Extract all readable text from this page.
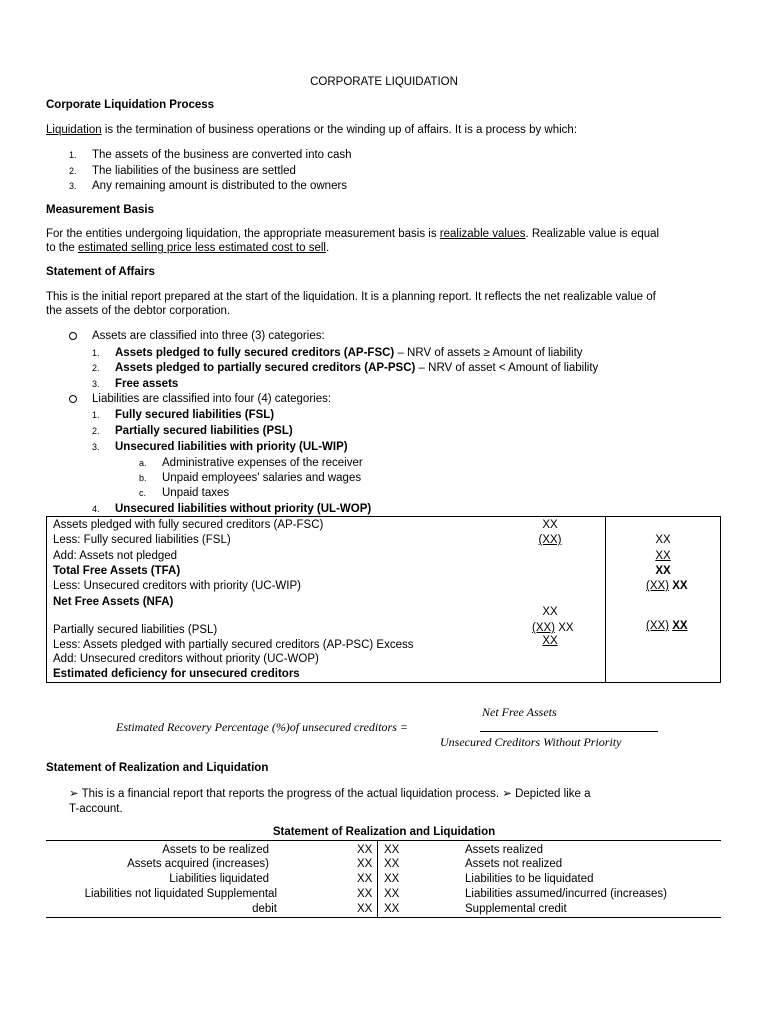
CORPORATE LIQUIDATION
Corporate Liquidation Process
Liquidation is the termination of business operations or the winding up of affairs. It is a process by which:
1. The assets of the business are converted into cash
2. The liabilities of the business are settled
3. Any remaining amount is distributed to the owners
Measurement Basis
For the entities undergoing liquidation, the appropriate measurement basis is realizable values. Realizable value is equal
to the estimated selling price less estimated cost to sell.
Statement of Affairs
This is the initial report prepared at the start of the liquidation. It is a planning report. It reflects the net realizable value of
the assets of the debtor corporation.
Assets are classified into three (3) categories:
1. Assets pledged to fully secured creditors (AP-FSC) – NRV of assets ≥ Amount of liability
2. Assets pledged to partially secured creditors (AP-PSC) – NRV of asset < Amount of liability
3. Free assets
Liabilities are classified into four (4) categories:
1. Fully secured liabilities (FSL)
2. Partially secured liabilities (PSL)
3. Unsecured liabilities with priority (UL-WIP)
a. Administrative expenses of the receiver
b. Unpaid employees' salaries and wages
c. Unpaid taxes
4. Unsecured liabilities without priority (UL-WOP)
Assets pledged with fully secured creditors (AP-FSC)
Less: Fully secured liabilities (FSL)
Add: Assets not pledged
Total Free Assets (TFA)
Less: Unsecured creditors with priority (UC-WIP)
Net Free Assets (NFA)
Partially secured liabilities (PSL)
Less: Assets pledged with partially secured creditors (AP-PSC) Excess
Add: Unsecured creditors without priority (UC-WOP)
Estimated deficiency for unsecured creditors
XX
(XX)
XX
(XX) XX
XX
XX
XX
XX
(XX) XX
(XX) XX
Net Free Assets
Estimated Recovery Percentage (%)of unsecured creditors =
Unsecured Creditors Without Priority
Statement of Realization and Liquidation
➢ This is a financial report that reports the progress of the actual liquidation process. ➢ Depicted like a
T-account.
Statement of Realization and Liquidation
Assets to be realized
Assets acquired (increases)
Liabilities liquidated
Liabilities not liquidated Supplemental
debit
XX
XX
XX
XX
XX
XX
XX
XX
XX
XX
Assets realized
Assets not realized
Liabilities to be liquidated
Liabilities assumed/incurred (increases)
Supplemental credit
